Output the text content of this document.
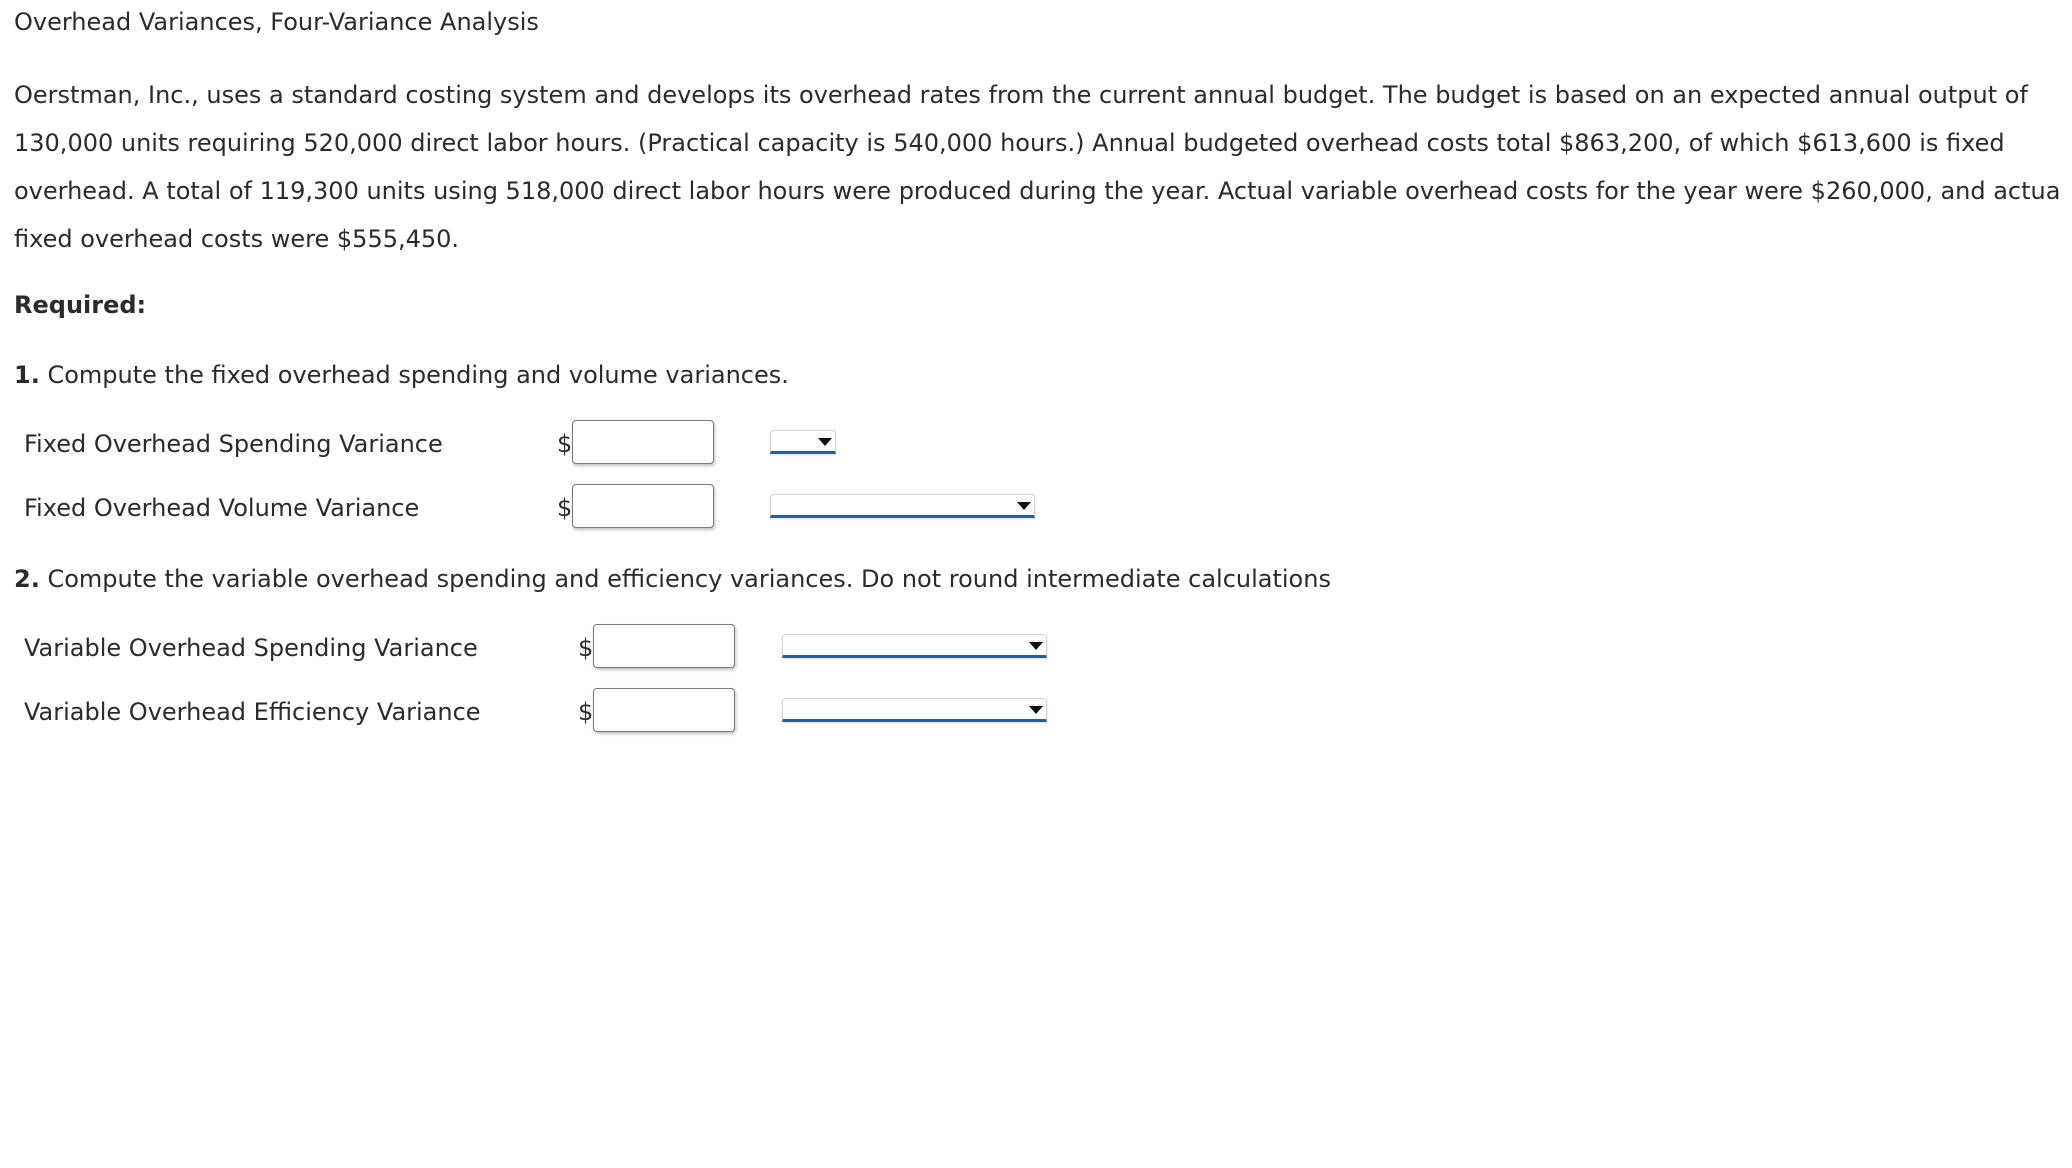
Overhead Variances, Four-Variance Analysis
Oerstman, Inc., uses a standard costing system and develops its overhead rates from the current annual budget. The budget is based on an expected annual output of
130,000 units requiring 520,000 direct labor hours. (Practical capacity is 540,000 hours.) Annual budgeted overhead costs total $863,200, of which $613,600 is fixed
overhead. A total of 119,300 units using 518,000 direct labor hours were produced during the year. Actual variable overhead costs for the year were $260,000, and actua
fixed overhead costs were $555,450.
Required:
1. Compute the fixed overhead spending and volume variances.
Fixed Overhead Spending Variance	$
Fixed Overhead Volume Variance	$
2. Compute the variable overhead spending and efficiency variances. Do not round intermediate calculations
Variable Overhead Spending Variance	$
Variable Overhead Efficiency Variance	$
